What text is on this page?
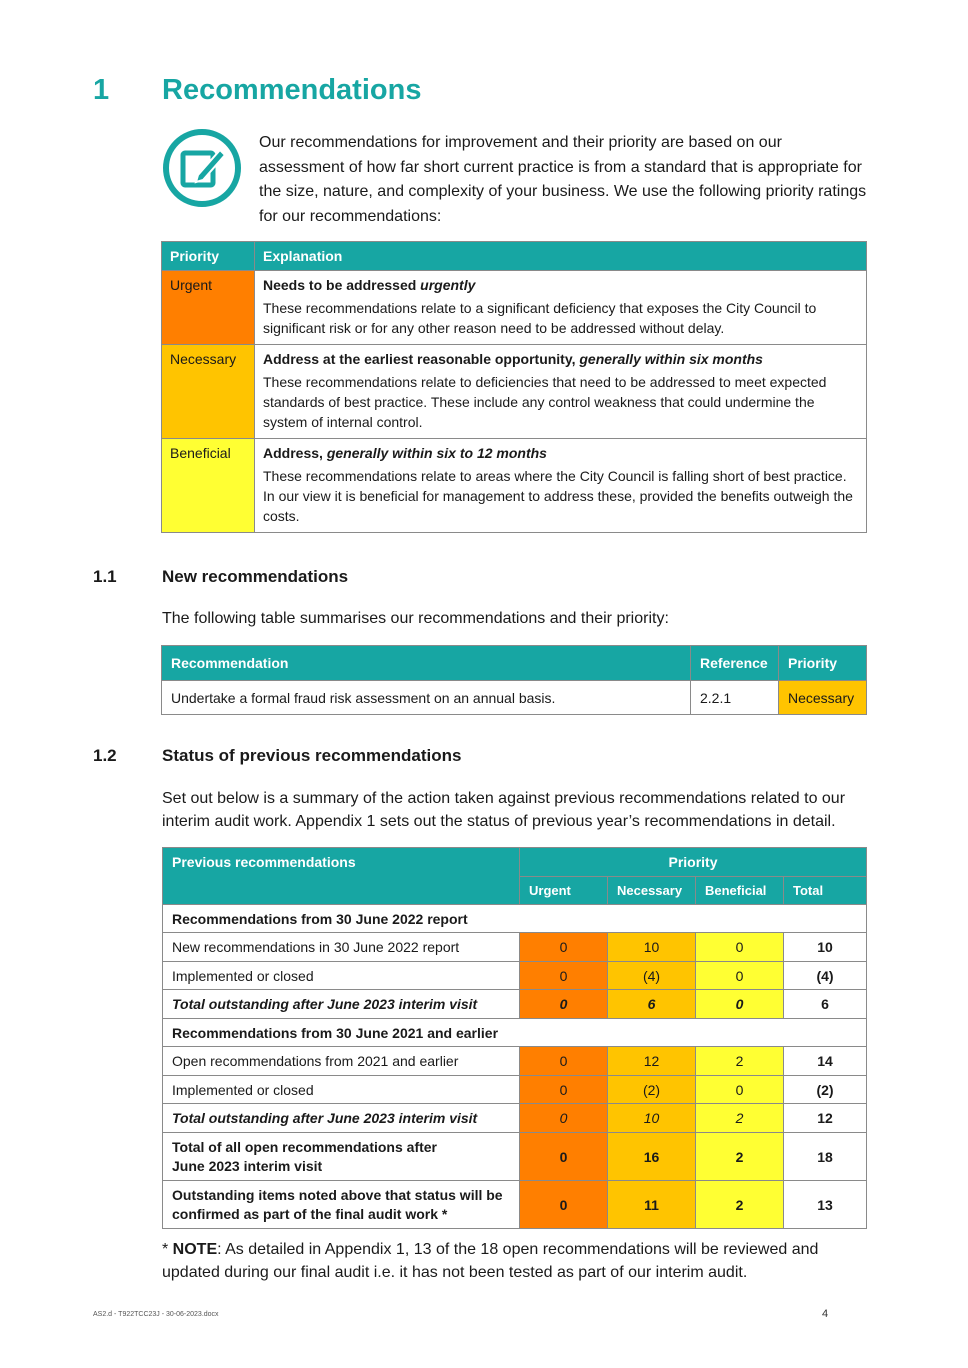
1 Recommendations
Our recommendations for improvement and their priority are based on our assessment of how far short current practice is from a standard that is appropriate for the size, nature, and complexity of your business. We use the following priority ratings for our recommendations:
Priority	Explanation
Urgent	Needs to be addressed urgently
These recommendations relate to a significant deficiency that exposes the City Council to significant risk or for any other reason need to be addressed without delay.

Necessary	Address at the earliest reasonable opportunity, generally within six months
These recommendations relate to deficiencies that need to be addressed to meet expected standards of best practice. These include any control weakness that could undermine the system of internal control.

Beneficial	Address, generally within six to 12 months
These recommendations relate to areas where the City Council is falling short of best practice. In our view it is beneficial for management to address these, provided the benefits outweigh the costs.
1.1	New recommendations
The following table summarises our recommendations and their priority:
Recommendation	Reference	Priority
Undertake a formal fraud risk assessment on an annual basis.	2.2.1	Necessary
1.2	Status of previous recommendations
Set out below is a summary of the action taken against previous recommendations related to our interim audit work. Appendix 1 sets out the status of previous year’s recommendations in detail.
Previous recommendations	Priority			
	Urgent	Necessary	Beneficial	Total
Recommendations from 30 June 2022 report				
New recommendations in 30 June 2022 report	0	10	0	10
Implemented or closed	0	(4)	0	(4)
Total outstanding after June 2023 interim visit	0	6	0	6
Recommendations from 30 June 2021 and earlier				
Open recommendations from 2021 and earlier	0	12	2	14
Implemented or closed	0	(2)	0	(2)
Total outstanding after June 2023 interim visit	0	10	2	12
Total of all open recommendations after June 2023 interim visit	0	16	2	18
Outstanding items noted above that status will be confirmed as part of the final audit work *	0	11	2	13
* NOTE: As detailed in Appendix 1, 13 of the 18 open recommendations will be reviewed and updated during our final audit i.e. it has not been tested as part of our interim audit.
AS2.d - T922TCC23J - 30-06-2023.docx	4
